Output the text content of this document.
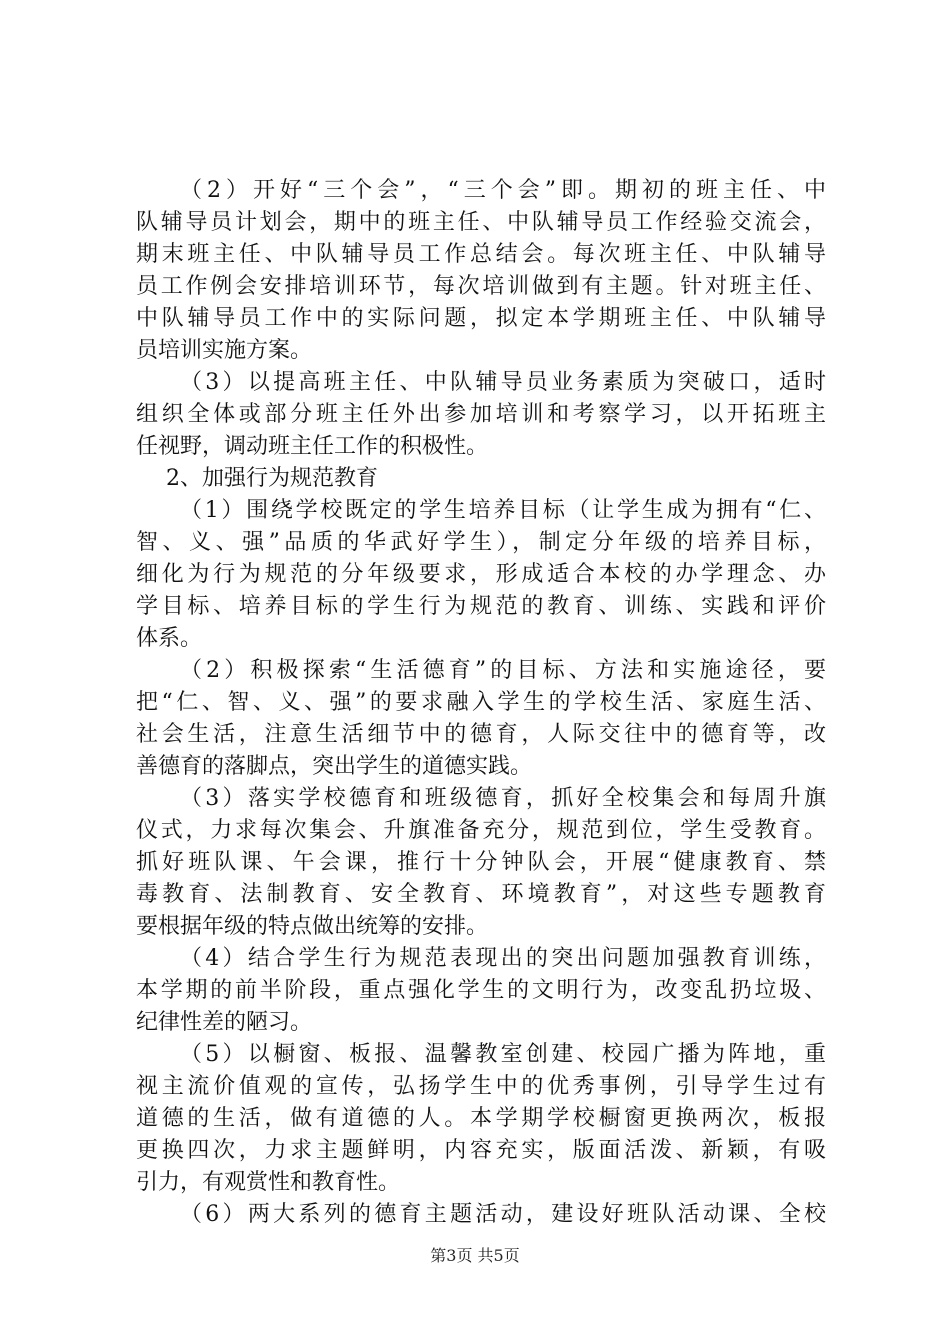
（2）开好“三个会”，“三个会”即。期初的班主任、中
队辅导员计划会，期中的班主任、中队辅导员工作经验交流会，
期末班主任、中队辅导员工作总结会。每次班主任、中队辅导
员工作例会安排培训环节，每次培训做到有主题。针对班主任、
中队辅导员工作中的实际问题，拟定本学期班主任、中队辅导
员培训实施方案。
（3）以提高班主任、中队辅导员业务素质为突破口，适时
组织全体或部分班主任外出参加培训和考察学习，以开拓班主
任视野，调动班主任工作的积极性。
2、加强行为规范教育
（1）围绕学校既定的学生培养目标（让学生成为拥有“仁、
智、义、强”品质的华武好学生），制定分年级的培养目标，
细化为行为规范的分年级要求，形成适合本校的办学理念、办
学目标、培养目标的学生行为规范的教育、训练、实践和评价
体系。
（2）积极探索“生活德育”的目标、方法和实施途径，要
把“仁、智、义、强”的要求融入学生的学校生活、家庭生活、
社会生活，注意生活细节中的德育，人际交往中的德育等，改
善德育的落脚点，突出学生的道德实践。
（3）落实学校德育和班级德育，抓好全校集会和每周升旗
仪式，力求每次集会、升旗准备充分，规范到位，学生受教育。
抓好班队课、午会课，推行十分钟队会，开展“健康教育、禁
毒教育、法制教育、安全教育、环境教育”，对这些专题教育
要根据年级的特点做出统筹的安排。
（4）结合学生行为规范表现出的突出问题加强教育训练，
本学期的前半阶段，重点强化学生的文明行为，改变乱扔垃圾、
纪律性差的陋习。
（5）以橱窗、板报、温馨教室创建、校园广播为阵地，重
视主流价值观的宣传，弘扬学生中的优秀事例，引导学生过有
道德的生活，做有道德的人。本学期学校橱窗更换两次，板报
更换四次，力求主题鲜明，内容充实，版面活泼、新颖，有吸
引力，有观赏性和教育性。
（6）两大系列的德育主题活动，建设好班队活动课、全校
第3页 共5页
